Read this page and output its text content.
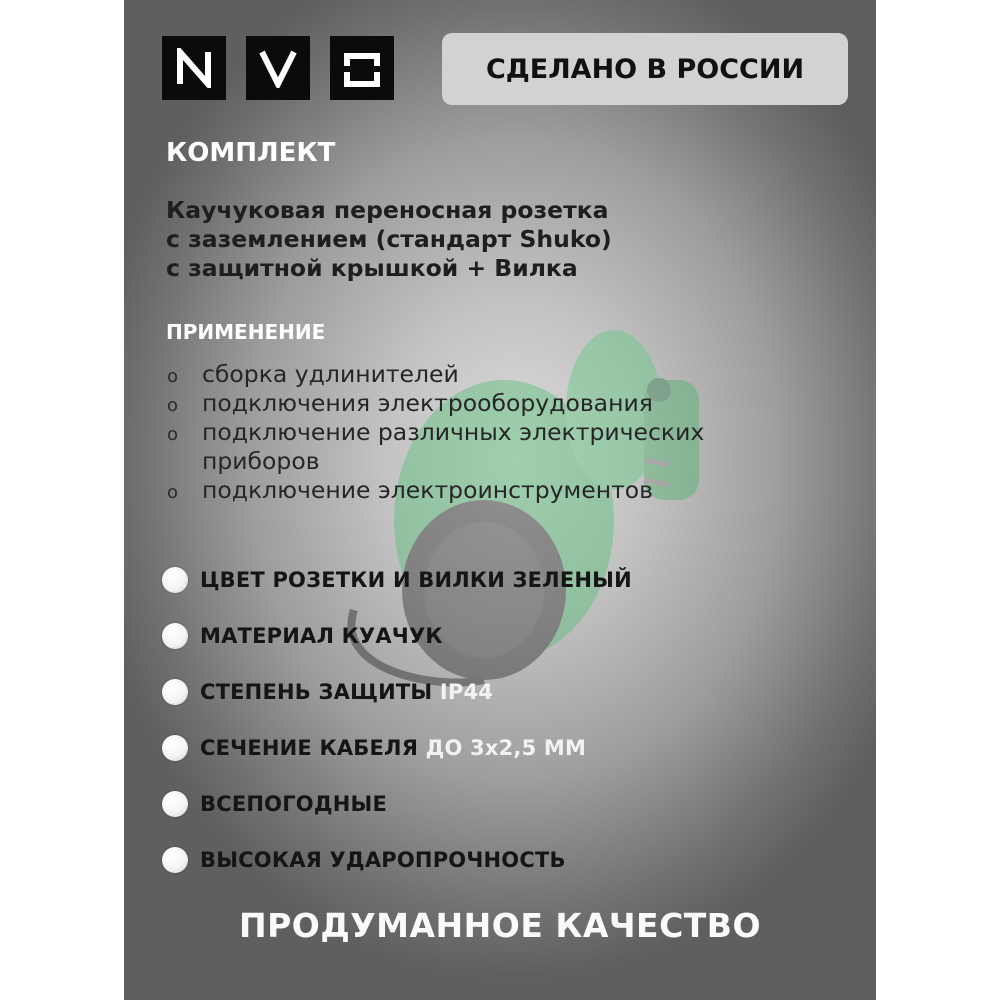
СДЕЛАНО В РОССИИ
КОМПЛЕКТ
Каучуковая переносная розетка
с заземлением (стандарт Shuko)
с защитной крышкой + Вилка
ПРИМЕНЕНИЕ
o сборка удлинителей
o подключения электрооборудования
o подключение различных электрических приборов
o подключение электроинструментов
ЦВЕТ РОЗЕТКИ И ВИЛКИ ЗЕЛЕНЫЙ
МАТЕРИАЛ КУАЧУК
СТЕПЕНЬ ЗАЩИТЫ IP44
СЕЧЕНИЕ КАБЕЛЯ ДО 3х2,5 ММ
ВСЕПОГОДНЫЕ
ВЫСОКАЯ УДАРОПРОЧНОСТЬ
ПРОДУМАННОЕ КАЧЕСТВО
